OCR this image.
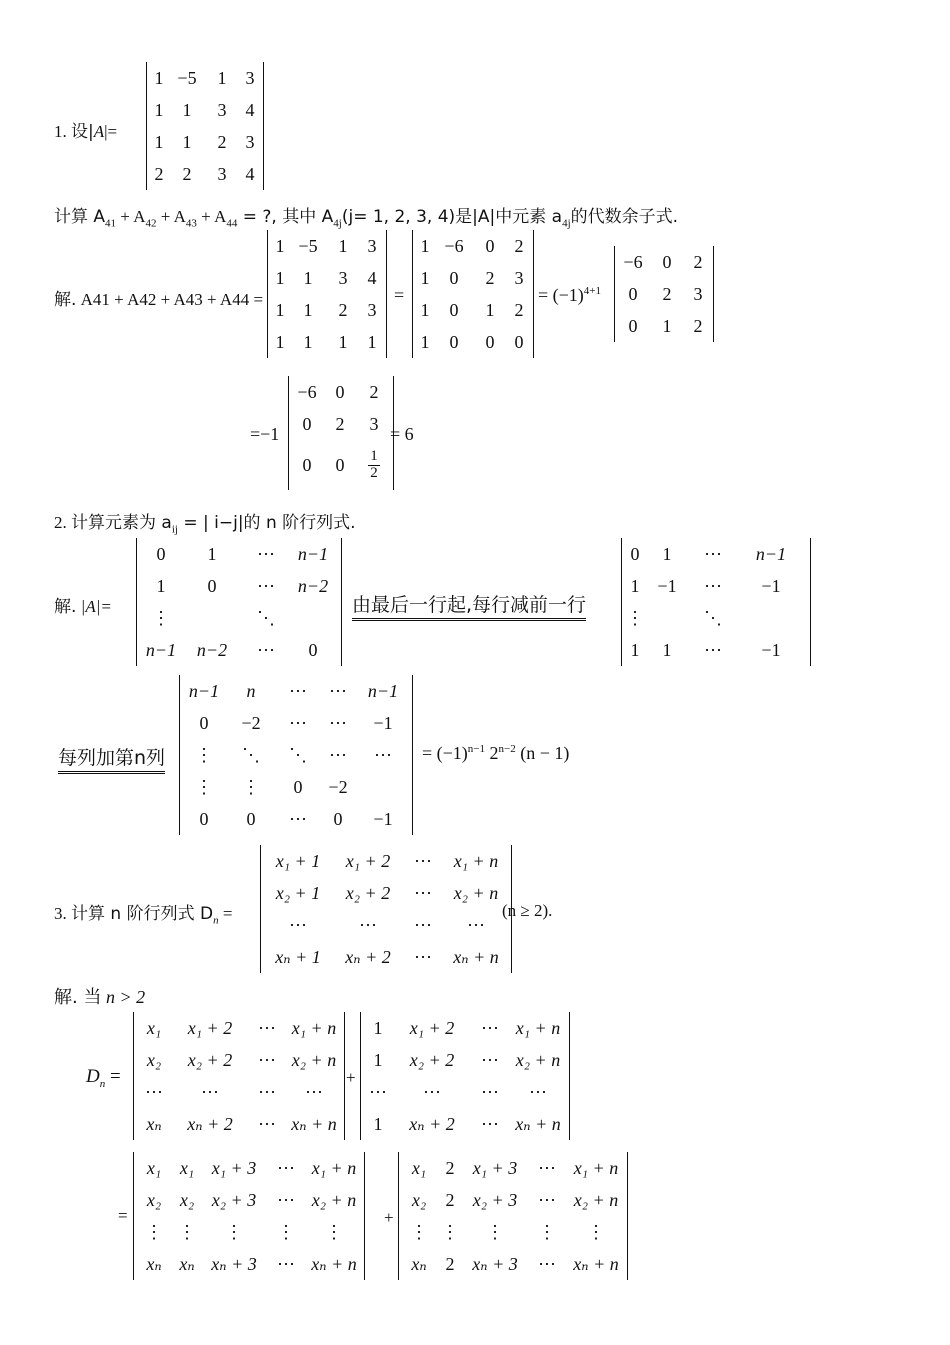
1. 设|A|=
1	−5	1	3
1	1	3	4
1	1	2	3
2	2	3	4
计算 $A_{41} + A_{42} + A_{43} + A_{44}$ = ?, 其中 $A_{4j}(j= 1$, 2, 3, 4)是|A|中元素 $a_{4j}$的代数余子式.
解. A41 + A42 + A43 + A44 =
1	−5	1	3
1	1	3	4
1	1	2	3
1	1	1	1
=
1	−6	0	2
1	0	2	3
1	0	1	2
1	0	0	0
= $(-1)^{4+1}$
−6	0	2
0	2	3
0	1	2
=−1
−6	0	2
0	2	3
0	0	$\frac{1}{2}$
= 6
2. 计算元素为 $a_{ij}$ = | i−j|的 n 阶行列式.
解. |A|=
0	1	⋯	n−1
1	0	⋯	n−2
⋮		⋱	
n−1	n−2	⋯	0
由最后一行起,每行减前一行
0	1	⋯	n−1
1	−1	⋯	−1
⋮		⋱	
1	1	⋯	−1
每列加第n列
n−1	n	⋯	⋯	n−1
0	−2	⋯	⋯	−1
⋮	⋱	⋱	⋯	⋯
⋮	⋮	0	−2	
0	0	⋯	0	−1
= $(-1)^{n-1}$ $2^{n-2}$ (n − 1)
3. 计算 n 阶行列式 $D_n$ =
x₁ + 1	x₁ + 2	⋯	x₁ + n
x₂ + 1	x₂ + 2	⋯	x₂ + n
⋯	⋯	⋯	⋯
xₙ + 1	xₙ + 2	⋯	xₙ + n
(n ≥ 2).
解. 当 n > 2
$D_n$ =
x₁	x₁ + 2	⋯	x₁ + n
x₂	x₂ + 2	⋯	x₂ + n
⋯	⋯	⋯	⋯
xₙ	xₙ + 2	⋯	xₙ + n
+
1	x₁ + 2	⋯	x₁ + n
1	x₂ + 2	⋯	x₂ + n
⋯	⋯	⋯	⋯
1	xₙ + 2	⋯	xₙ + n
=
x₁	x₁	x₁ + 3	⋯	x₁ + n
x₂	x₂	x₂ + 3	⋯	x₂ + n
⋮	⋮	⋮	⋮	⋮
xₙ	xₙ	xₙ + 3	⋯	xₙ + n
+
x₁	2	x₁ + 3	⋯	x₁ + n
x₂	2	x₂ + 3	⋯	x₂ + n
⋮	⋮	⋮	⋮	⋮
xₙ	2	xₙ + 3	⋯	xₙ + n
